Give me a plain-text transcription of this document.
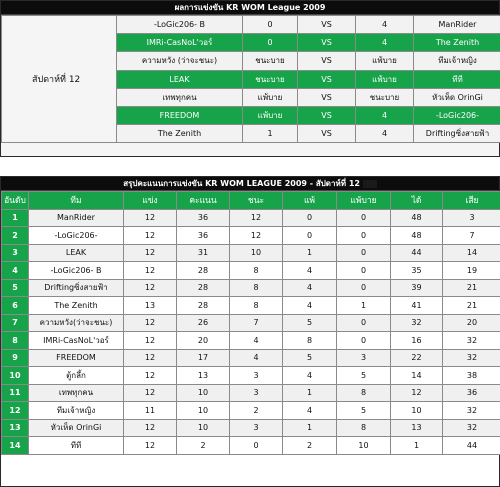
ผลการแข่งขัน KR WOM League 2009
สัปดาห์ที่ 12	-LoGic206- B	0	VS	4	ManRider
	IMRi-CasNoL'วอร์	0	VS	4	The Zenith
	ความหวัง (ว่าจะชนะ)	ชนะบาย	VS	แพ้บาย	ทีมเจ้าหญิง
	LEAK	ชนะบาย	VS	แพ้บาย	ทีที
	เทพทุกคน	แพ้บาย	VS	ชนะบาย	หัวเห็ด OrinGi
	FREEDOM	แพ้บาย	VS	4	-LoGic206-
	The Zenith	1	VS	4	Driftingซิ่งสายฟ้า
สรุปคะแนนการแข่งขัน KR WOM LEAGUE 2009 - สัปดาห์ที่ 12
อันดับ	ทีม	แข่ง	คะแนน	ชนะ	แพ้	แพ้บาย	ได้	เสีย
1	ManRider	12	36	12	0	0	48	3
2	-LoGic206-	12	36	12	0	0	48	7
3	LEAK	12	31	10	1	0	44	14
4	-LoGic206- B	12	28	8	4	0	35	19
5	Driftingซิ่งสายฟ้า	12	28	8	4	0	39	21
6	The Zenith	13	28	8	4	1	41	21
7	ความหวัง(ว่าจะชนะ)	12	26	7	5	0	32	20
8	IMRi-CasNoL'วอร์	12	20	4	8	0	16	32
9	FREEDOM	12	17	4	5	3	22	32
10	ตู้กลึ้ก	12	13	3	4	5	14	38
11	เทพทุกคน	12	10	3	1	8	12	36
12	ทีมเจ้าหญิง	11	10	2	4	5	10	32
13	หัวเห็ด OrinGi	12	10	3	1	8	13	32
14	ทีที	12	2	0	2	10	1	44
